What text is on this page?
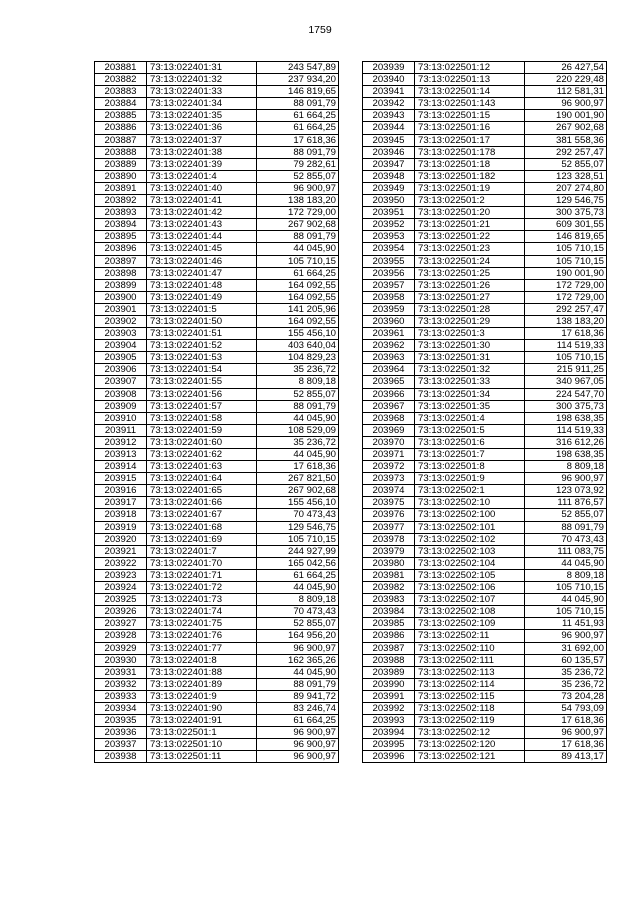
1759
203881	73:13:022401:31	243 547,89
203882	73:13:022401:32	237 934,20
203883	73:13:022401:33	146 819,65
203884	73:13:022401:34	88 091,79
203885	73:13:022401:35	61 664,25
203886	73:13:022401:36	61 664,25
203887	73:13:022401:37	17 618,36
203888	73:13:022401:38	88 091,79
203889	73:13:022401:39	79 282,61
203890	73:13:022401:4	52 855,07
203891	73:13:022401:40	96 900,97
203892	73:13:022401:41	138 183,20
203893	73:13:022401:42	172 729,00
203894	73:13:022401:43	267 902,68
203895	73:13:022401:44	88 091,79
203896	73:13:022401:45	44 045,90
203897	73:13:022401:46	105 710,15
203898	73:13:022401:47	61 664,25
203899	73:13:022401:48	164 092,55
203900	73:13:022401:49	164 092,55
203901	73:13:022401:5	141 205,96
203902	73:13:022401:50	164 092,55
203903	73:13:022401:51	155 456,10
203904	73:13:022401:52	403 640,04
203905	73:13:022401:53	104 829,23
203906	73:13:022401:54	35 236,72
203907	73:13:022401:55	8 809,18
203908	73:13:022401:56	52 855,07
203909	73:13:022401:57	88 091,79
203910	73:13:022401:58	44 045,90
203911	73:13:022401:59	108 529,09
203912	73:13:022401:60	35 236,72
203913	73:13:022401:62	44 045,90
203914	73:13:022401:63	17 618,36
203915	73:13:022401:64	267 821,50
203916	73:13:022401:65	267 902,68
203917	73:13:022401:66	155 456,10
203918	73:13:022401:67	70 473,43
203919	73:13:022401:68	129 546,75
203920	73:13:022401:69	105 710,15
203921	73:13:022401:7	244 927,99
203922	73:13:022401:70	165 042,56
203923	73:13:022401:71	61 664,25
203924	73:13:022401:72	44 045,90
203925	73:13:022401:73	8 809,18
203926	73:13:022401:74	70 473,43
203927	73:13:022401:75	52 855,07
203928	73:13:022401:76	164 956,20
203929	73:13:022401:77	96 900,97
203930	73:13:022401:8	162 365,26
203931	73:13:022401:88	44 045,90
203932	73:13:022401:89	88 091,79
203933	73:13:022401:9	89 941,72
203934	73:13:022401:90	83 246,74
203935	73:13:022401:91	61 664,25
203936	73:13:022501:1	96 900,97
203937	73:13:022501:10	96 900,97
203938	73:13:022501:11	96 900,97
203939	73:13:022501:12	26 427,54
203940	73:13:022501:13	220 229,48
203941	73:13:022501:14	112 581,31
203942	73:13:022501:143	96 900,97
203943	73:13:022501:15	190 001,90
203944	73:13:022501:16	267 902,68
203945	73:13:022501:17	381 558,36
203946	73:13:022501:178	292 257,47
203947	73:13:022501:18	52 855,07
203948	73:13:022501:182	123 328,51
203949	73:13:022501:19	207 274,80
203950	73:13:022501:2	129 546,75
203951	73:13:022501:20	300 375,73
203952	73:13:022501:21	609 301,55
203953	73:13:022501:22	146 819,65
203954	73:13:022501:23	105 710,15
203955	73:13:022501:24	105 710,15
203956	73:13:022501:25	190 001,90
203957	73:13:022501:26	172 729,00
203958	73:13:022501:27	172 729,00
203959	73:13:022501:28	292 257,47
203960	73:13:022501:29	138 183,20
203961	73:13:022501:3	17 618,36
203962	73:13:022501:30	114 519,33
203963	73:13:022501:31	105 710,15
203964	73:13:022501:32	215 911,25
203965	73:13:022501:33	340 967,05
203966	73:13:022501:34	224 547,70
203967	73:13:022501:35	300 375,73
203968	73:13:022501:4	198 638,35
203969	73:13:022501:5	114 519,33
203970	73:13:022501:6	316 612,26
203971	73:13:022501:7	198 638,35
203972	73:13:022501:8	8 809,18
203973	73:13:022501:9	96 900,97
203974	73:13:022502:1	123 073,92
203975	73:13:022502:10	111 876,57
203976	73:13:022502:100	52 855,07
203977	73:13:022502:101	88 091,79
203978	73:13:022502:102	70 473,43
203979	73:13:022502:103	111 083,75
203980	73:13:022502:104	44 045,90
203981	73:13:022502:105	8 809,18
203982	73:13:022502:106	105 710,15
203983	73:13:022502:107	44 045,90
203984	73:13:022502:108	105 710,15
203985	73:13:022502:109	11 451,93
203986	73:13:022502:11	96 900,97
203987	73:13:022502:110	31 692,00
203988	73:13:022502:111	60 135,57
203989	73:13:022502:113	35 236,72
203990	73:13:022502:114	35 236,72
203991	73:13:022502:115	73 204,28
203992	73:13:022502:118	54 793,09
203993	73:13:022502:119	17 618,36
203994	73:13:022502:12	96 900,97
203995	73:13:022502:120	17 618,36
203996	73:13:022502:121	89 413,17
